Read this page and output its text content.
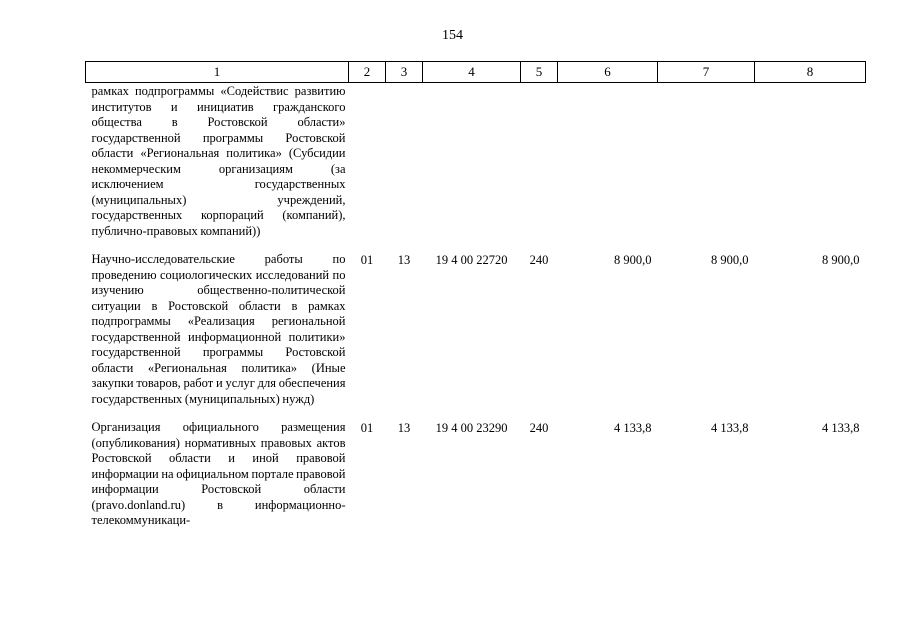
154
1	2	3	4	5	6	7	8
рамках подпрограммы «Содействис развитию институтов и инициатив гражданского общества в Ростовской области» государственной программы Ростовской области «Региональная политика» (Субсидии некоммерческим организациям (за исключением государственных (муниципальных) учреждений, государственных корпораций (компаний), публично-правовых компаний))							
Научно-исследовательские работы по проведению социологических исследований по изучению общественно-политической ситуации в Ростовской области в рамках подпрограммы «Реализация региональной государственной информационной политики» государственной программы Ростовской области «Региональная политика» (Иные закупки товаров, работ и услуг для обеспечения государственных (муниципальных) нужд)	01	13	19 4 00 22720	240	8 900,0	8 900,0	8 900,0
Организация официального размещения (опубликования) нормативных правовых актов Ростовской области и иной правовой информации на официальном портале правовой информации Ростовской области (pravo.donland.ru) в информационно-телекоммуникаци-	01	13	19 4 00 23290	240	4 133,8	4 133,8	4 133,8
